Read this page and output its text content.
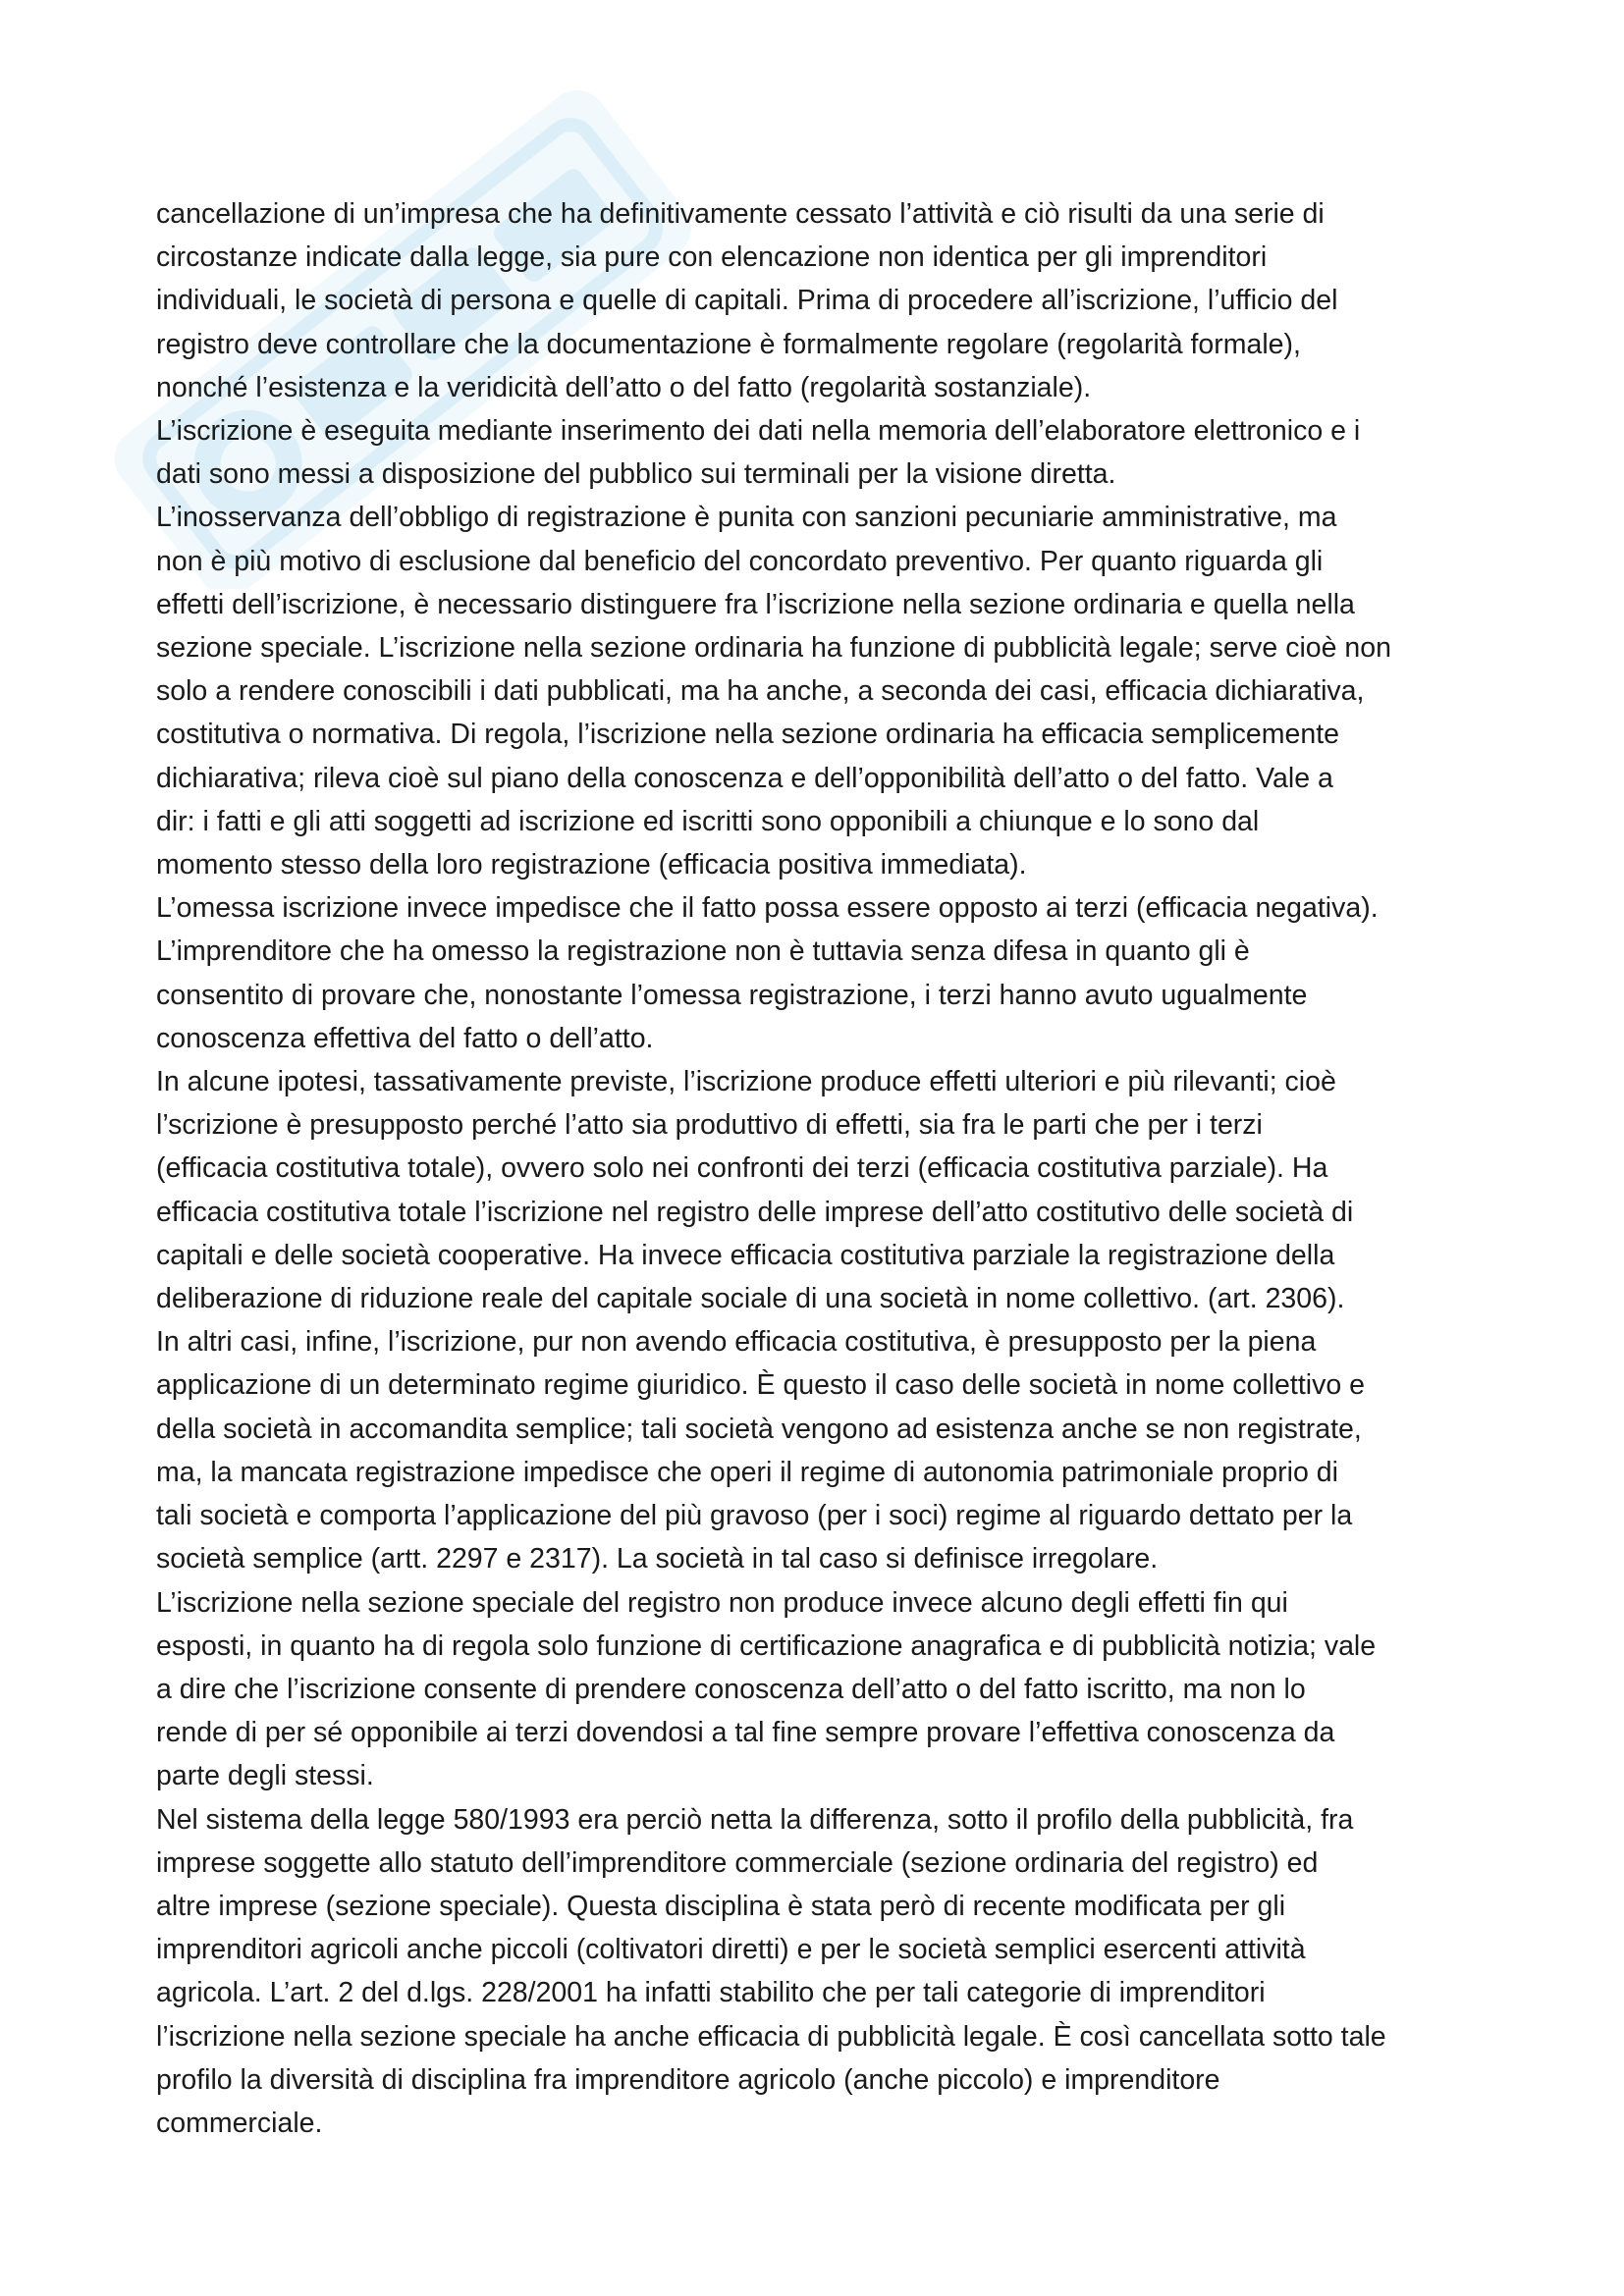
cancellazione di un’impresa che ha definitivamente cessato l’attività e ciò risulti da una serie di
circostanze indicate dalla legge, sia pure con elencazione non identica per gli imprenditori
individuali, le società di persona e quelle di capitali. Prima di procedere all’iscrizione, l’ufficio del
registro deve controllare che la documentazione è formalmente regolare (regolarità formale),
nonché l’esistenza e la veridicità dell’atto o del fatto (regolarità sostanziale).
L’iscrizione è eseguita mediante inserimento dei dati nella memoria dell’elaboratore elettronico e i
dati sono messi a disposizione del pubblico sui terminali per la visione diretta.
L’inosservanza dell’obbligo di registrazione è punita con sanzioni pecuniarie amministrative, ma
non è più motivo di esclusione dal beneficio del concordato preventivo. Per quanto riguarda gli
effetti dell’iscrizione, è necessario distinguere fra l’iscrizione nella sezione ordinaria e quella nella
sezione speciale. L’iscrizione nella sezione ordinaria ha funzione di pubblicità legale; serve cioè non
solo a rendere conoscibili i dati pubblicati, ma ha anche, a seconda dei casi, efficacia dichiarativa,
costitutiva o normativa. Di regola, l’iscrizione nella sezione ordinaria ha efficacia semplicemente
dichiarativa; rileva cioè sul piano della conoscenza e dell’opponibilità dell’atto o del fatto. Vale a
dir: i fatti e gli atti soggetti ad iscrizione ed iscritti sono opponibili a chiunque e lo sono dal
momento stesso della loro registrazione (efficacia positiva immediata).
L’omessa iscrizione invece impedisce che il fatto possa essere opposto ai terzi (efficacia negativa).
L’imprenditore che ha omesso la registrazione non è tuttavia senza difesa in quanto gli è
consentito di provare che, nonostante l’omessa registrazione, i terzi hanno avuto ugualmente
conoscenza effettiva del fatto o dell’atto.
In alcune ipotesi, tassativamente previste, l’iscrizione produce effetti ulteriori e più rilevanti; cioè
l’scrizione è presupposto perché l’atto sia produttivo di effetti, sia fra le parti che per i terzi
(efficacia costitutiva totale), ovvero solo nei confronti dei terzi (efficacia costitutiva parziale). Ha
efficacia costitutiva totale l’iscrizione nel registro delle imprese dell’atto costitutivo delle società di
capitali e delle società cooperative. Ha invece efficacia costitutiva parziale la registrazione della
deliberazione di riduzione reale del capitale sociale di una società in nome collettivo. (art. 2306).
In altri casi, infine, l’iscrizione, pur non avendo efficacia costitutiva, è presupposto per la piena
applicazione di un determinato regime giuridico. È questo il caso delle società in nome collettivo e
della società in accomandita semplice; tali società vengono ad esistenza anche se non registrate,
ma, la mancata registrazione impedisce che operi il regime di autonomia patrimoniale proprio di
tali società e comporta l’applicazione del più gravoso (per i soci) regime al riguardo dettato per la
società semplice (artt. 2297 e 2317). La società in tal caso si definisce irregolare.
L’iscrizione nella sezione speciale del registro non produce invece alcuno degli effetti fin qui
esposti, in quanto ha di regola solo funzione di certificazione anagrafica e di pubblicità notizia; vale
a dire che l’iscrizione consente di prendere conoscenza dell’atto o del fatto iscritto, ma non lo
rende di per sé opponibile ai terzi dovendosi a tal fine sempre provare l’effettiva conoscenza da
parte degli stessi.
Nel sistema della legge 580/1993 era perciò netta la differenza, sotto il profilo della pubblicità, fra
imprese soggette allo statuto dell’imprenditore commerciale (sezione ordinaria del registro) ed
altre imprese (sezione speciale). Questa disciplina è stata però di recente modificata per gli
imprenditori agricoli anche piccoli (coltivatori diretti) e per le società semplici esercenti attività
agricola. L’art. 2 del d.lgs. 228/2001 ha infatti stabilito che per tali categorie di imprenditori
l’iscrizione nella sezione speciale ha anche efficacia di pubblicità legale. È così cancellata sotto tale
profilo la diversità di disciplina fra imprenditore agricolo (anche piccolo) e imprenditore
commerciale.
